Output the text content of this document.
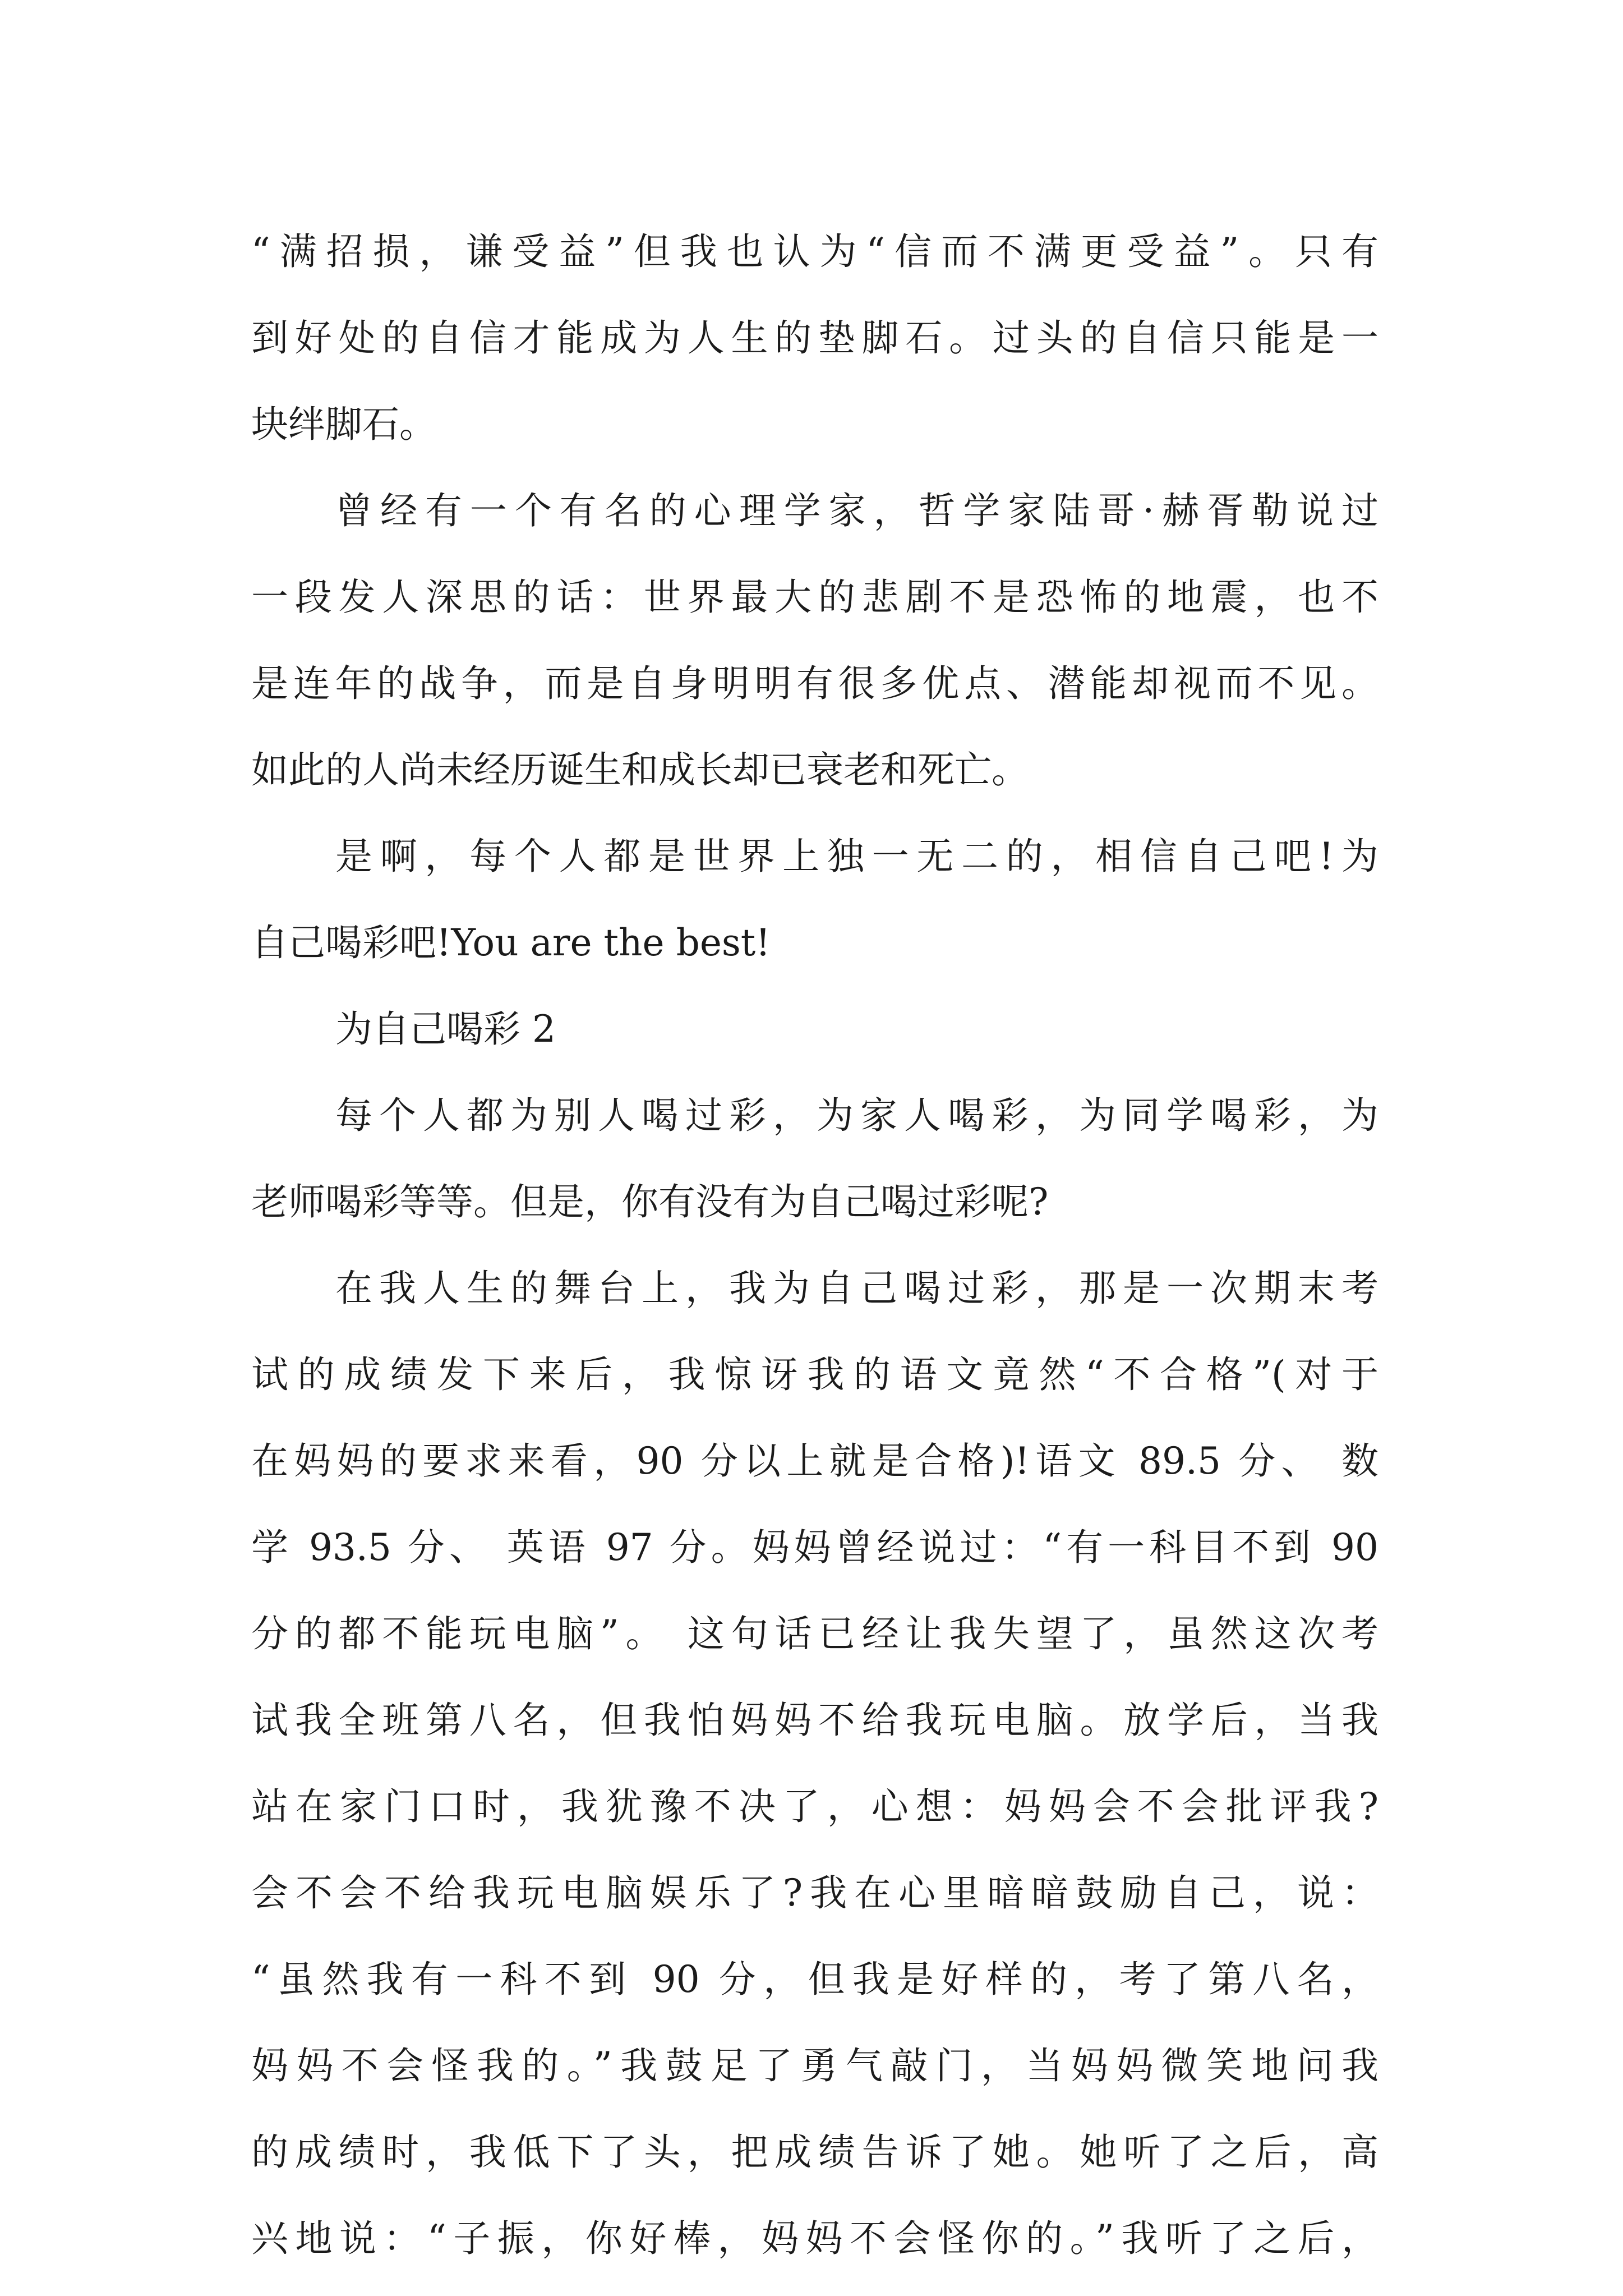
“满招损，谦受益”但我也认为“信而不满更受益”。只有
到好处的自信才能成为人生的垫脚石。过头的自信只能是一
块绊脚石。
曾经有一个有名的心理学家，哲学家陆哥·赫胥勒说过
一段发人深思的话：世界最大的悲剧不是恐怖的地震，也不
是连年的战争，而是自身明明有很多优点、潜能却视而不见。
如此的人尚未经历诞生和成长却已衰老和死亡。
是啊，每个人都是世界上独一无二的，相信自己吧!为
自己喝彩吧!You are the best!
为自己喝彩 2
每个人都为别人喝过彩，为家人喝彩，为同学喝彩，为
老师喝彩等等。但是，你有没有为自己喝过彩呢?
在我人生的舞台上，我为自己喝过彩，那是一次期末考
试的成绩发下来后，我惊讶我的语文竟然“不合格”(对于
在妈妈的要求来看，90 分以上就是合格)!语文 89.5 分、 数
学 93.5 分、 英语 97 分。妈妈曾经说过：“有一科目不到 90
分的都不能玩电脑”。 这句话已经让我失望了，虽然这次考
试我全班第八名，但我怕妈妈不给我玩电脑。放学后，当我
站在家门口时，我犹豫不决了，心想：妈妈会不会批评我?
会不会不给我玩电脑娱乐了?我在心里暗暗鼓励自己，说：
“虽然我有一科不到 90 分，但我是好样的，考了第八名，
妈妈不会怪我的。”我鼓足了勇气敲门，当妈妈微笑地问我
的成绩时，我低下了头，把成绩告诉了她。她听了之后，高
兴地说：“子振，你好棒，妈妈不会怪你的。”我听了之后，
